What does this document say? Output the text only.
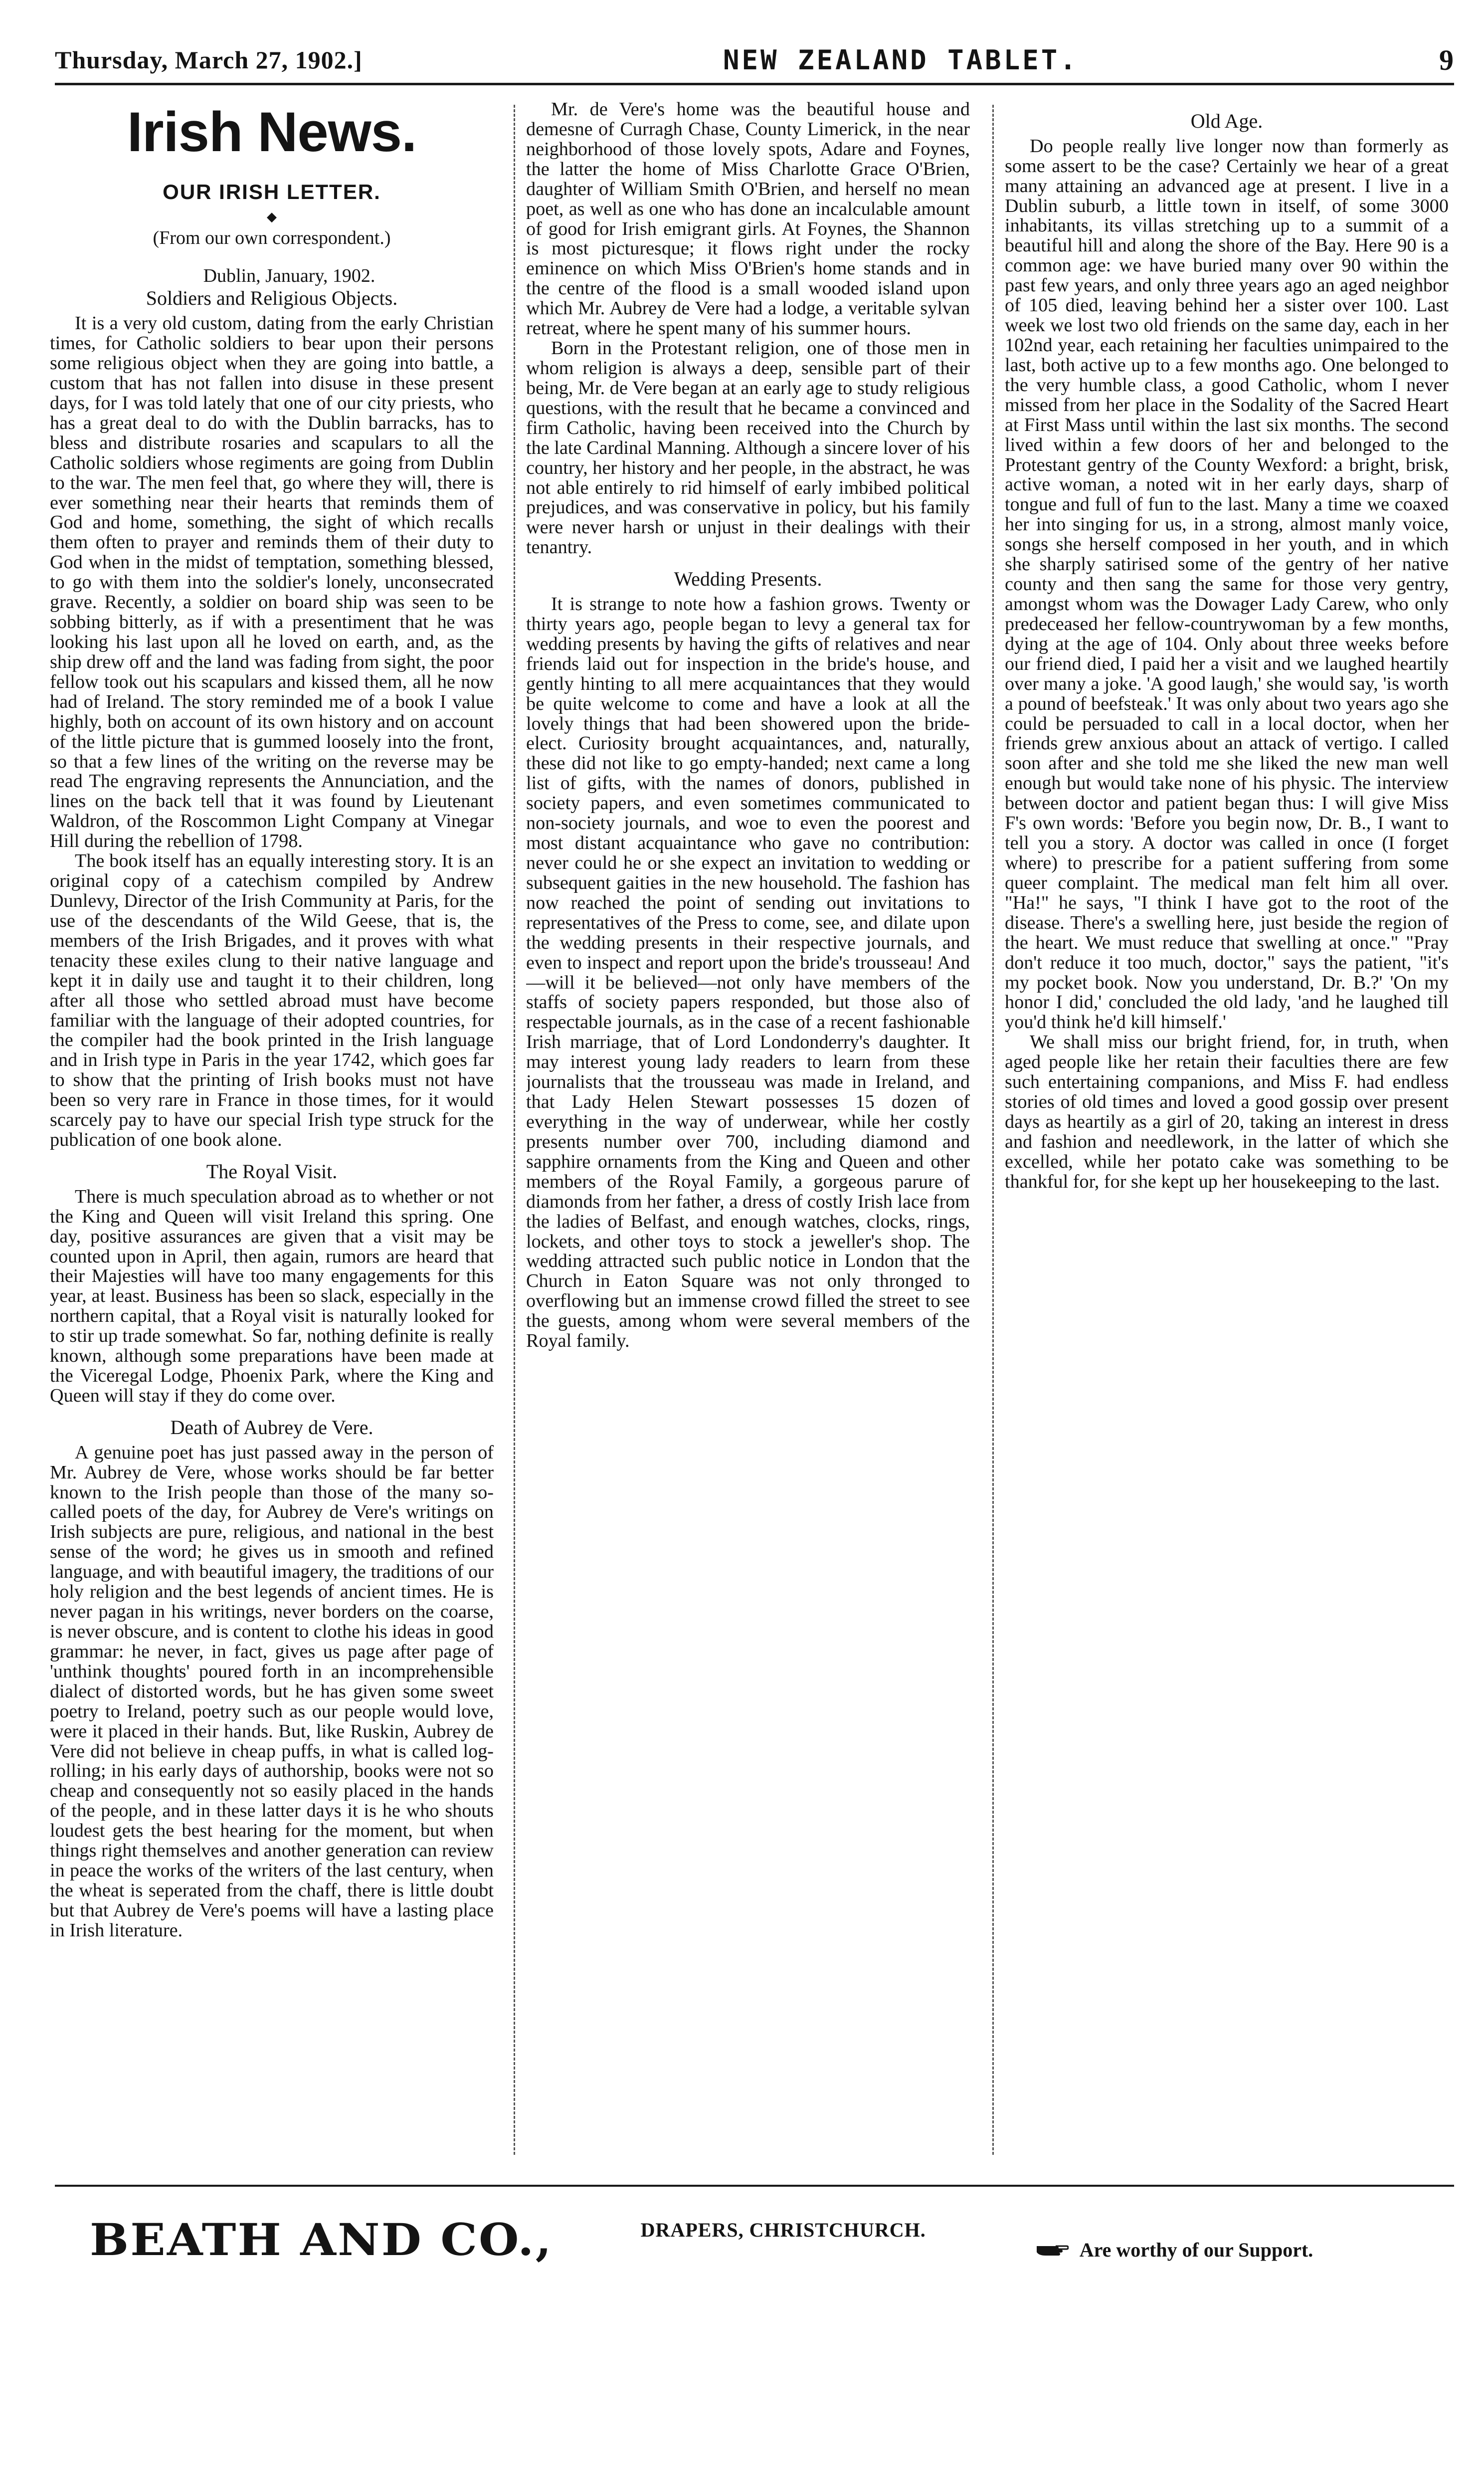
Thursday, March 27, 1902.]	NEW ZEALAND TABLET.	9
Irish News.
OUR IRISH LETTER.
◆
(From our own correspondent.)
Dublin, January, 1902.
Soldiers and Religious Objects.

It is a very old custom, dating from the early Christian times, for Catholic soldiers to bear upon their persons some religious object when they are going into battle, a custom that has not fallen into disuse in these present days, for I was told lately that one of our city priests, who has a great deal to do with the Dublin barracks, has to bless and distribute rosaries and scapulars to all the Catholic soldiers whose regiments are going from Dublin to the war. The men feel that, go where they will, there is ever something near their hearts that reminds them of God and home, something, the sight of which recalls them often to prayer and reminds them of their duty to God when in the midst of temptation, something blessed, to go with them into the soldier's lonely, unconsecrated grave. Recently, a soldier on board ship was seen to be sobbing bitterly, as if with a presentiment that he was looking his last upon all he loved on earth, and, as the ship drew off and the land was fading from sight, the poor fellow took out his scapulars and kissed them, all he now had of Ireland. The story reminded me of a book I value highly, both on account of its own history and on account of the little picture that is gummed loosely into the front, so that a few lines of the writing on the reverse may be read The engraving represents the Annunciation, and the lines on the back tell that it was found by Lieutenant Waldron, of the Roscommon Light Company at Vinegar Hill during the rebellion of 1798.

The book itself has an equally interesting story. It is an original copy of a catechism compiled by Andrew Dunlevy, Director of the Irish Community at Paris, for the use of the descendants of the Wild Geese, that is, the members of the Irish Brigades, and it proves with what tenacity these exiles clung to their native language and kept it in daily use and taught it to their children, long after all those who settled abroad must have become familiar with the language of their adopted countries, for the compiler had the book printed in the Irish language and in Irish type in Paris in the year 1742, which goes far to show that the printing of Irish books must not have been so very rare in France in those times, for it would scarcely pay to have our special Irish type struck for the publication of one book alone.

The Royal Visit.

There is much speculation abroad as to whether or not the King and Queen will visit Ireland this spring. One day, positive assurances are given that a visit may be counted upon in April, then again, rumors are heard that their Majesties will have too many engagements for this year, at least. Business has been so slack, especially in the northern capital, that a Royal visit is naturally looked for to stir up trade somewhat. So far, nothing definite is really known, although some preparations have been made at the Viceregal Lodge, Phoenix Park, where the King and Queen will stay if they do come over.

Death of Aubrey de Vere.

A genuine poet has just passed away in the person of Mr. Aubrey de Vere, whose works should be far better known to the Irish people than those of the many so-called poets of the day, for Aubrey de Vere's writings on Irish subjects are pure, religious, and national in the best sense of the word; he gives us in smooth and refined language, and with beautiful imagery, the traditions of our holy religion and the best legends of ancient times. He is never pagan in his writings, never borders on the coarse, is never obscure, and is content to clothe his ideas in good grammar: he never, in fact, gives us page after page of 'unthink thoughts' poured forth in an incomprehensible dialect of distorted words, but he has given some sweet poetry to Ireland, poetry such as our people would love, were it placed in their hands. But, like Ruskin, Aubrey de Vere did not believe in cheap puffs, in what is called log-rolling; in his early days of authorship, books were not so cheap and consequently not so easily placed in the hands of the people, and in these latter days it is he who shouts loudest gets the best hearing for the moment, but when things right themselves and another generation can review in peace the works of the writers of the last century, when the wheat is seperated from the chaff, there is little doubt but that Aubrey de Vere's poems will have a lasting place in Irish literature.

Mr. de Vere's home was the beautiful house and demesne of Curragh Chase, County Limerick, in the near neighborhood of those lovely spots, Adare and Foynes, the latter the home of Miss Charlotte Grace O'Brien, daughter of William Smith O'Brien, and herself no mean poet, as well as one who has done an incalculable amount of good for Irish emigrant girls. At Foynes, the Shannon is most picturesque; it flows right under the rocky eminence on which Miss O'Brien's home stands and in the centre of the flood is a small wooded island upon which Mr. Aubrey de Vere had a lodge, a veritable sylvan retreat, where he spent many of his summer hours.

Born in the Protestant religion, one of those men in whom religion is always a deep, sensible part of their being, Mr. de Vere began at an early age to study religious questions, with the result that he became a convinced and firm Catholic, having been received into the Church by the late Cardinal Manning. Although a sincere lover of his country, her history and her people, in the abstract, he was not able entirely to rid himself of early imbibed political prejudices, and was conservative in policy, but his family were never harsh or unjust in their dealings with their tenantry.

Wedding Presents.

It is strange to note how a fashion grows. Twenty or thirty years ago, people began to levy a general tax for wedding presents by having the gifts of relatives and near friends laid out for inspection in the bride's house, and gently hinting to all mere acquaintances that they would be quite welcome to come and have a look at all the lovely things that had been showered upon the bride-elect. Curiosity brought acquaintances, and, naturally, these did not like to go empty-handed; next came a long list of gifts, with the names of donors, published in society papers, and even sometimes communicated to non-society journals, and woe to even the poorest and most distant acquaintance who gave no contribution: never could he or she expect an invitation to wedding or subsequent gaities in the new household. The fashion has now reached the point of sending out invitations to representatives of the Press to come, see, and dilate upon the wedding presents in their respective journals, and even to inspect and report upon the bride's trousseau! And—will it be believed—not only have members of the staffs of society papers responded, but those also of respectable journals, as in the case of a recent fashionable Irish marriage, that of Lord Londonderry's daughter. It may interest young lady readers to learn from these journalists that the trousseau was made in Ireland, and that Lady Helen Stewart possesses 15 dozen of everything in the way of underwear, while her costly presents number over 700, including diamond and sapphire ornaments from the King and Queen and other members of the Royal Family, a gorgeous parure of diamonds from her father, a dress of costly Irish lace from the ladies of Belfast, and enough watches, clocks, rings, lockets, and other toys to stock a jeweller's shop. The wedding attracted such public notice in London that the Church in Eaton Square was not only thronged to overflowing but an immense crowd filled the street to see the guests, among whom were several members of the Royal family.

Old Age.

Do people really live longer now than formerly as some assert to be the case? Certainly we hear of a great many attaining an advanced age at present. I live in a Dublin suburb, a little town in itself, of some 3000 inhabitants, its villas stretching up to a summit of a beautiful hill and along the shore of the Bay. Here 90 is a common age: we have buried many over 90 within the past few years, and only three years ago an aged neighbor of 105 died, leaving behind her a sister over 100. Last week we lost two old friends on the same day, each in her 102nd year, each retaining her faculties unimpaired to the last, both active up to a few months ago. One belonged to the very humble class, a good Catholic, whom I never missed from her place in the Sodality of the Sacred Heart at First Mass until within the last six months. The second lived within a few doors of her and belonged to the Protestant gentry of the County Wexford: a bright, brisk, active woman, a noted wit in her early days, sharp of tongue and full of fun to the last. Many a time we coaxed her into singing for us, in a strong, almost manly voice, songs she herself composed in her youth, and in which she sharply satirised some of the gentry of her native county and then sang the same for those very gentry, amongst whom was the Dowager Lady Carew, who only predeceased her fellow-countrywoman by a few months, dying at the age of 104. Only about three weeks before our friend died, I paid her a visit and we laughed heartily over many a joke. 'A good laugh,' she would say, 'is worth a pound of beefsteak.' It was only about two years ago she could be persuaded to call in a local doctor, when her friends grew anxious about an attack of vertigo. I called soon after and she told me she liked the new man well enough but would take none of his physic. The interview between doctor and patient began thus: I will give Miss F's own words: 'Before you begin now, Dr. B., I want to tell you a story. A doctor was called in once (I forget where) to prescribe for a patient suffering from some queer complaint. The medical man felt him all over. "Ha!" he says, "I think I have got to the root of the disease. There's a swelling here, just beside the region of the heart. We must reduce that swelling at once." "Pray don't reduce it too much, doctor," says the patient, "it's my pocket book. Now you understand, Dr. B.?' 'On my honor I did,' concluded the old lady, 'and he laughed till you'd think he'd kill himself.'

We shall miss our bright friend, for, in truth, when aged people like her retain their faculties there are few such entertaining companions, and Miss F. had endless stories of old times and loved a good gossip over present days as heartily as a girl of 20, taking an interest in dress and fashion and needlework, in the latter of which she excelled, while her potato cake was something to be thankful for, for she kept up her housekeeping to the last.

BEATH AND CO.,	DRAPERS, CHRISTCHURCH.
Are worthy of our Support.
